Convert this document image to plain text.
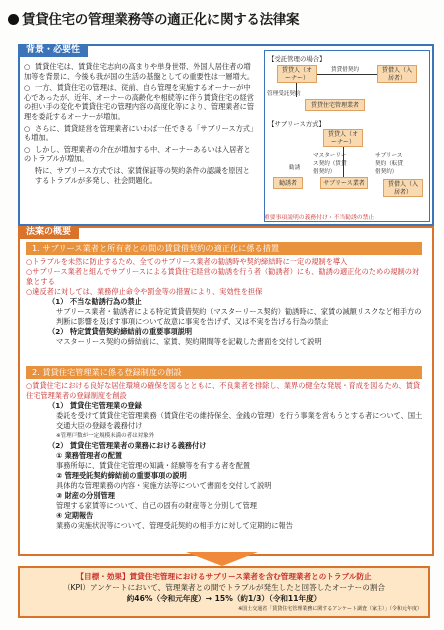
賃貸住宅の管理業務等の適正化に関する法律案
背景・必要性

○ 賃貸住宅は、賃貸住宅志向の高まりや単身世帯、外国人居住者の増加等を背景に、今後も我が国の生活の基盤としての重要性は一層増大。

○ 一方、賃貸住宅の管理は、従前、自ら管理を実施するオーナーが中心であったが、近年、オーナーの高齢化や相続等に伴う賃貸住宅の経営の担い手の変化や賃貸住宅の管理内容の高度化等により、管理業者に管理を委託するオーナーが増加。

○ さらに、賃貸経営を管理業者にいわば一任できる「サブリース方式」も増加。

○ しかし、管理業者の介在が増加する中、オーナーあるいは入居者とのトラブルが増加。

特に、サブリース方式では、家賃保証等の契約条件の認識を原因とするトラブルが多発し、社会問題化。

【受託管理の場合】
賃貸人（オーナー）
賃借人（入居者）
賃貸借契約
管理受託契約
賃貸住宅管理業者
【サブリース方式】
賃貸人（オーナー）
マスターリース契約（賃貸借契約）
サブリース業者
サブリース契約（転貸借契約）
賃借人（入居者）
勧誘
勧誘者
重要事項説明の義務付け・不当勧誘の禁止
法案の概要
1. サブリース業者と所有者との間の賃貸借契約の適正化に係る措置

○トラブルを未然に防止するため、全てのサブリース業者の勧誘時や契約締結時に一定の規制を導入

○サブリース業者と組んでサブリースによる賃貸住宅経営の勧誘を行う者（勧誘者）にも、勧誘の適正化のための規制の対象とする

○違反者に対しては、業務停止命令や罰金等の措置により、実効性を担保

（1） 不当な勧誘行為の禁止

サブリース業者・勧誘者による特定賃貸借契約（マスターリース契約）勧誘時に、家賃の減額リスクなど相手方の判断に影響を及ぼす事項について故意に事実を告げず、又は不実を告げる行為の禁止

（2） 特定賃貸借契約締結前の重要事項説明

マスターリース契約の締結前に、家賃、契約期間等を記載した書面を交付して説明

2. 賃貸住宅管理業に係る登録制度の創設

○賃貸住宅における良好な居住環境の確保を図るとともに、不良業者を排除し、業界の健全な発展・育成を図るため、賃貸住宅管理業者の登録制度を創設

（1） 賃貸住宅管理業の登録

委託を受けて賃貸住宅管理業務（賃貸住宅の維持保全、金銭の管理）を行う事業を営もうとする者について、国土交通大臣の登録を義務付け

※管理戸数が一定規模未満の者は対象外

（2） 賃貸住宅管理業者の業務における義務付け

① 業務管理者の配置

事務所毎に、賃貸住宅管理の知識・経験等を有する者を配置

② 管理受託契約締結前の重要事項の説明

具体的な管理業務の内容・実施方法等について書面を交付して説明

③ 財産の分別管理

管理する家賃等について、自己の固有の財産等と分別して管理

④ 定期報告

業務の実施状況等について、管理受託契約の相手方に対して定期的に報告

【目標・効果】賃貸住宅管理におけるサブリース業者を含む管理業者とのトラブル防止
（KPI）アンケートにおいて、管理業者との間でトラブルが発生したと回答したオーナーの割合
約46%（令和元年度）→ 15%（約1/3）（令和11年度）
※国土交通省「賃貸住宅管理業務に関するアンケート調査（家主）」（令和元年度）
